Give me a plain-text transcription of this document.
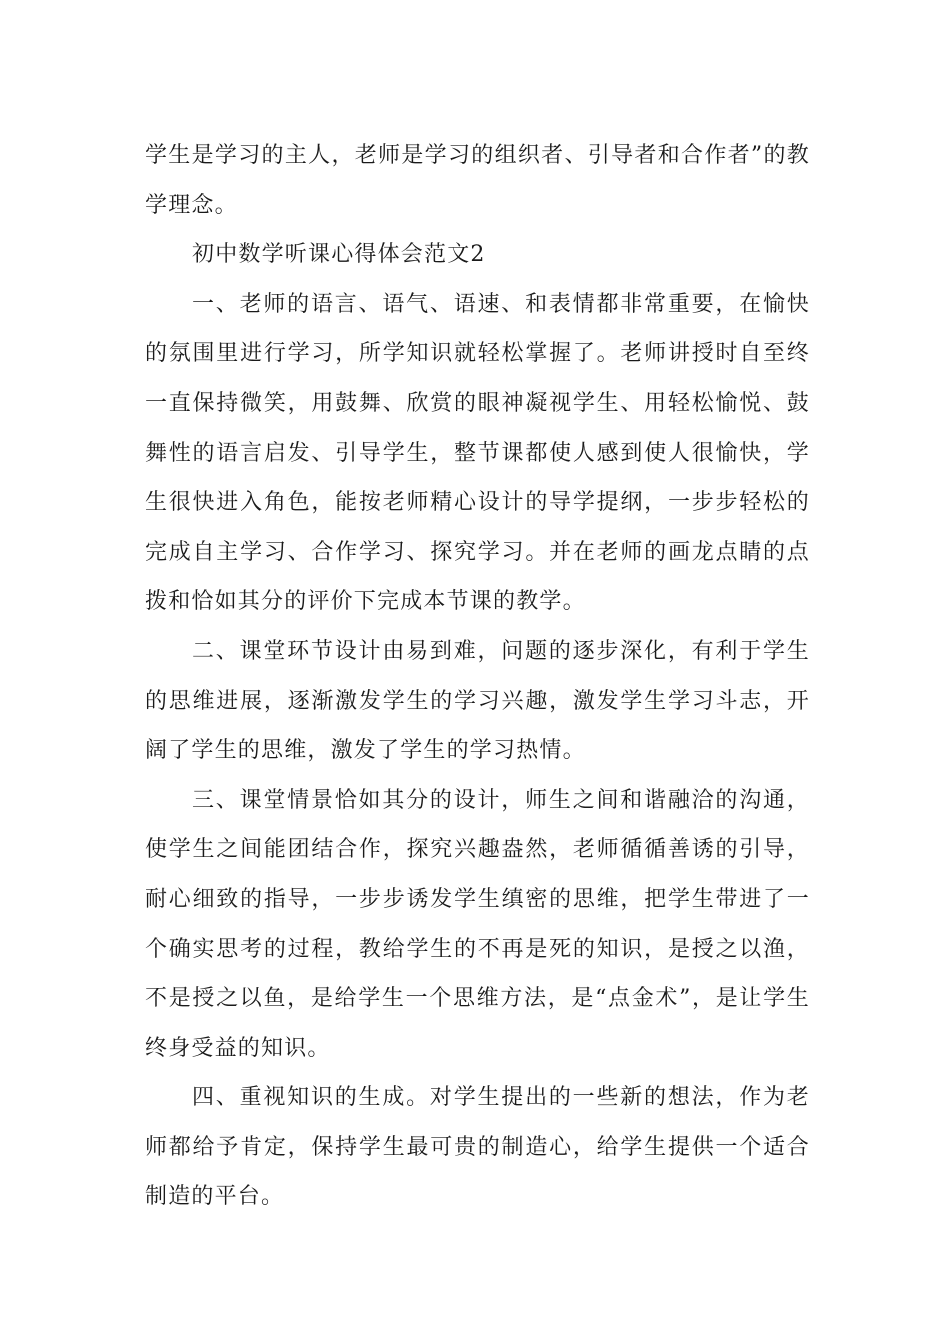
学生是学习的主人，老师是学习的组织者、引导者和合作者”的教学理念。

初中数学听课心得体会范文2

一、老师的语言、语气、语速、和表情都非常重要，在愉快的氛围里进行学习，所学知识就轻松掌握了。老师讲授时自至终一直保持微笑，用鼓舞、欣赏的眼神凝视学生、用轻松愉悦、鼓舞性的语言启发、引导学生，整节课都使人感到使人很愉快，学生很快进入角色，能按老师精心设计的导学提纲，一步步轻松的完成自主学习、合作学习、探究学习。并在老师的画龙点睛的点拨和恰如其分的评价下完成本节课的教学。

二、课堂环节设计由易到难，问题的逐步深化，有利于学生的思维进展，逐渐激发学生的学习兴趣，激发学生学习斗志，开阔了学生的思维，激发了学生的学习热情。

三、课堂情景恰如其分的设计，师生之间和谐融洽的沟通，使学生之间能团结合作，探究兴趣盎然，老师循循善诱的引导，耐心细致的指导，一步步诱发学生缜密的思维，把学生带进了一个确实思考的过程，教给学生的不再是死的知识，是授之以渔，不是授之以鱼，是给学生一个思维方法，是“点金术”，是让学生终身受益的知识。

四、重视知识的生成。对学生提出的一些新的想法，作为老师都给予肯定，保持学生最可贵的制造心，给学生提供一个适合制造的平台。
